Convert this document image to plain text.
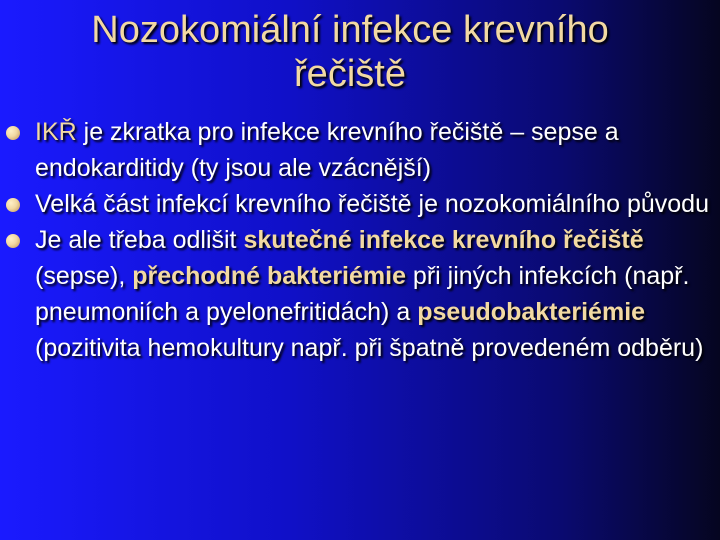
Nozokomiální infekce krevního řečiště
IKŘ je zkratka pro infekce krevního řečiště – sepse a endokarditidy (ty jsou ale vzácnější)
Velká část infekcí krevního řečiště je nozokomiálního původu
Je ale třeba odlišit skutečné infekce krevního řečiště (sepse), přechodné bakteriémie při jiných infekcích (např. pneumoniích a pyelonefritidách) a pseudobakteriémie (pozitivita hemokultury např. při špatně provedeném odběru)
